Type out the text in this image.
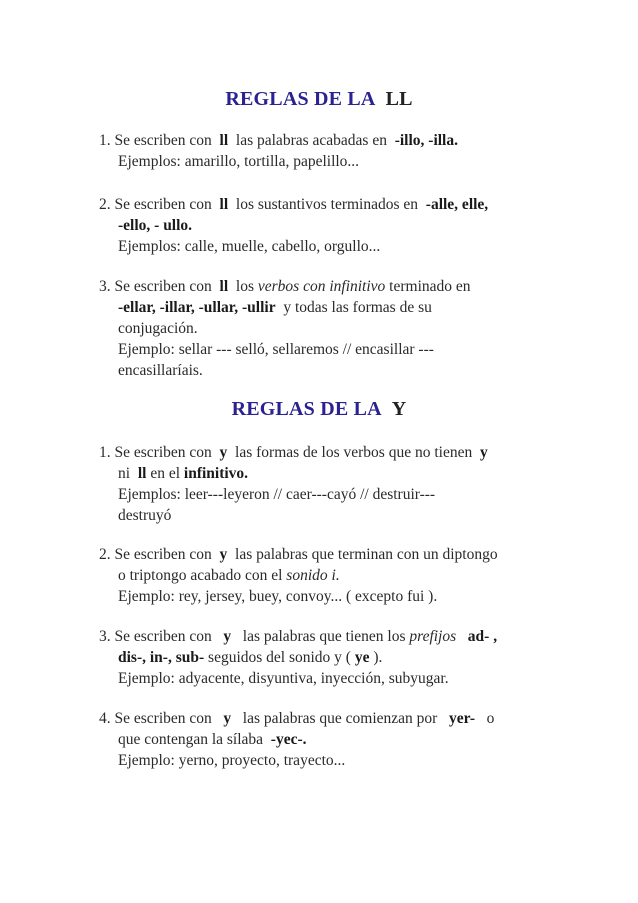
REGLAS DE LA LL
1. Se escriben con ll las palabras acabadas en -illo, -illa.
Ejemplos: amarillo, tortilla, papelillo...
2. Se escriben con ll los sustantivos terminados en -alle, elle,
-ello, - ullo.
Ejemplos: calle, muelle, cabello, orgullo...
3. Se escriben con ll los verbos con infinitivo terminado en
-ellar, -illar, -ullar, -ullir y todas las formas de su
conjugación.
Ejemplo: sellar --- selló, sellaremos // encasillar ---
encasillaríais.
REGLAS DE LA Y
1. Se escriben con y las formas de los verbos que no tienen y
ni ll en el infinitivo.
Ejemplos: leer---leyeron // caer---cayó // destruir---
destruyó
2. Se escriben con y las palabras que terminan con un diptongo
o triptongo acabado con el sonido i.
Ejemplo: rey, jersey, buey, convoy... ( excepto fui ).
3. Se escriben con y las palabras que tienen los prefijos ad- ,
dis-, in-, sub- seguidos del sonido y ( ye ).
Ejemplo: adyacente, disyuntiva, inyección, subyugar.
4. Se escriben con y las palabras que comienzan por yer- o
que contengan la sílaba -yec-.
Ejemplo: yerno, proyecto, trayecto...
